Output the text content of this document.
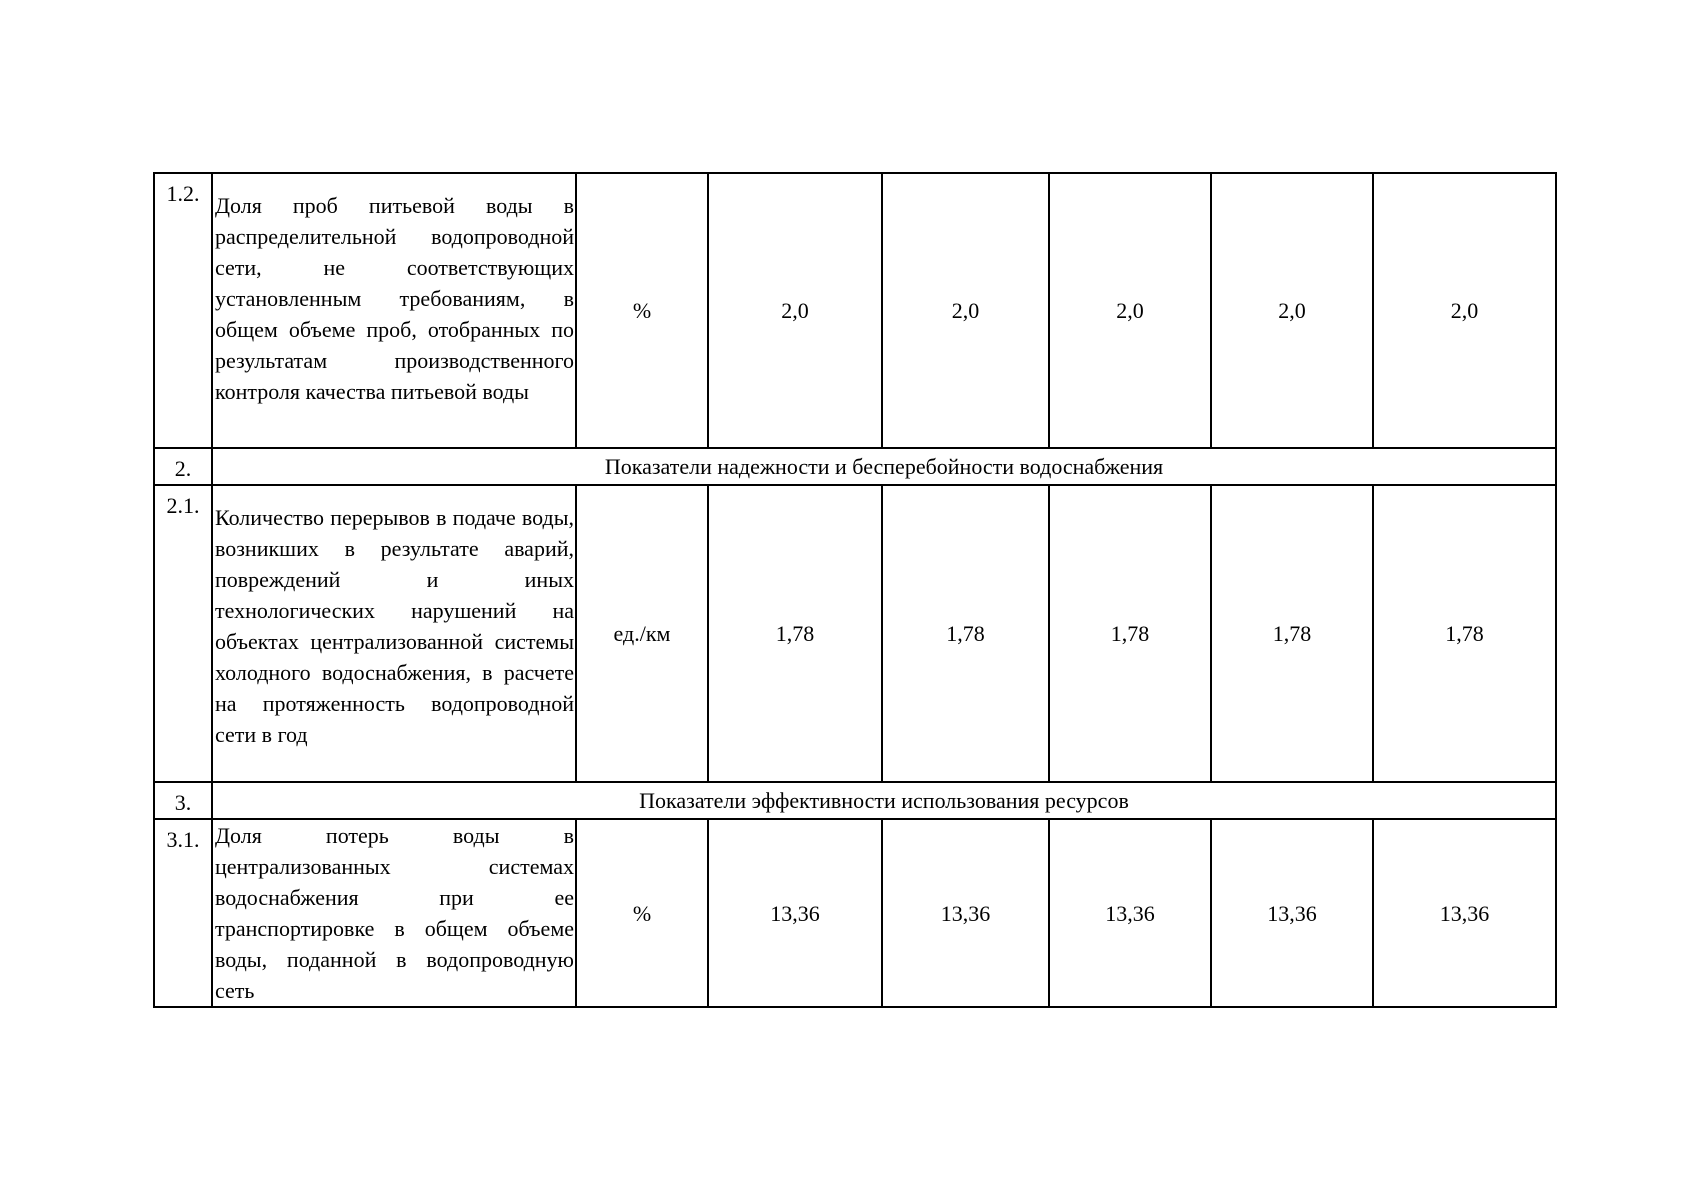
1.2.	Доля проб питьевой воды в распределительной водопроводной сети, не соответствующих установленным требованиям, в общем объеме проб, отобранных по результатам производственного контроля качества питьевой воды	%	2,0	2,0	2,0	2,0	2,0
2.	Показатели надежности и бесперебойности водоснабжения						
2.1.	Количество перерывов в подаче воды, возникших в результате аварий, повреждений и иных технологических нарушений на объектах централизованной системы холодного водоснабжения, в расчете на протяженность водопроводной сети в год	ед./км	1,78	1,78	1,78	1,78	1,78
3.	Показатели эффективности использования ресурсов						
3.1.	Доля потерь воды в централизованных системах водоснабжения при ее транспортировке в общем объеме воды, поданной в водопроводную сеть	%	13,36	13,36	13,36	13,36	13,36
